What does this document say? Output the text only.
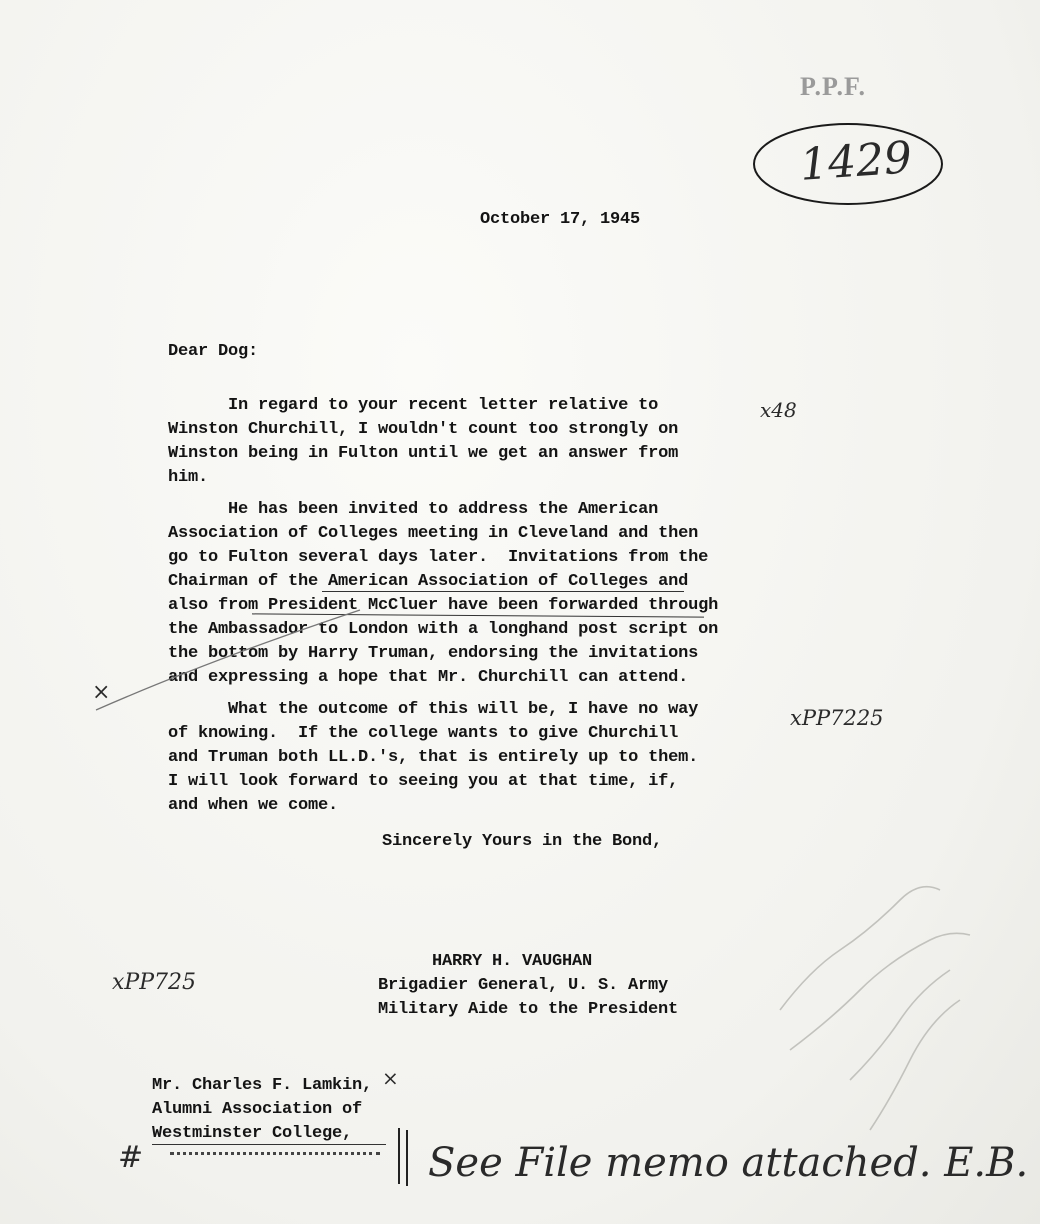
P.P.F.
1429
October 17, 1945
Dear Dog:
In regard to your recent letter relative to
Winston Churchill, I wouldn't count too strongly on
Winston being in Fulton until we get an answer from
him.
He has been invited to address the American
Association of Colleges meeting in Cleveland and then
go to Fulton several days later.  Invitations from the
Chairman of the American Association of Colleges and
also from President McCluer have been forwarded through
the Ambassador to London with a longhand post script on
the bottom by Harry Truman, endorsing the invitations
and expressing a hope that Mr. Churchill can attend.
What the outcome of this will be, I have no way
of knowing.  If the college wants to give Churchill
and Truman both LL.D.'s, that is entirely up to them.
I will look forward to seeing you at that time, if,
and when we come.
Sincerely Yours in the Bond,
HARRY H. VAUGHAN
Brigadier General, U. S. Army
Military Aide to the President
Mr. Charles F. Lamkin,
Alumni Association of
Westminster College,
x48
xPP7225
xPP725
×
×
#	See File memo attached. E.B.
